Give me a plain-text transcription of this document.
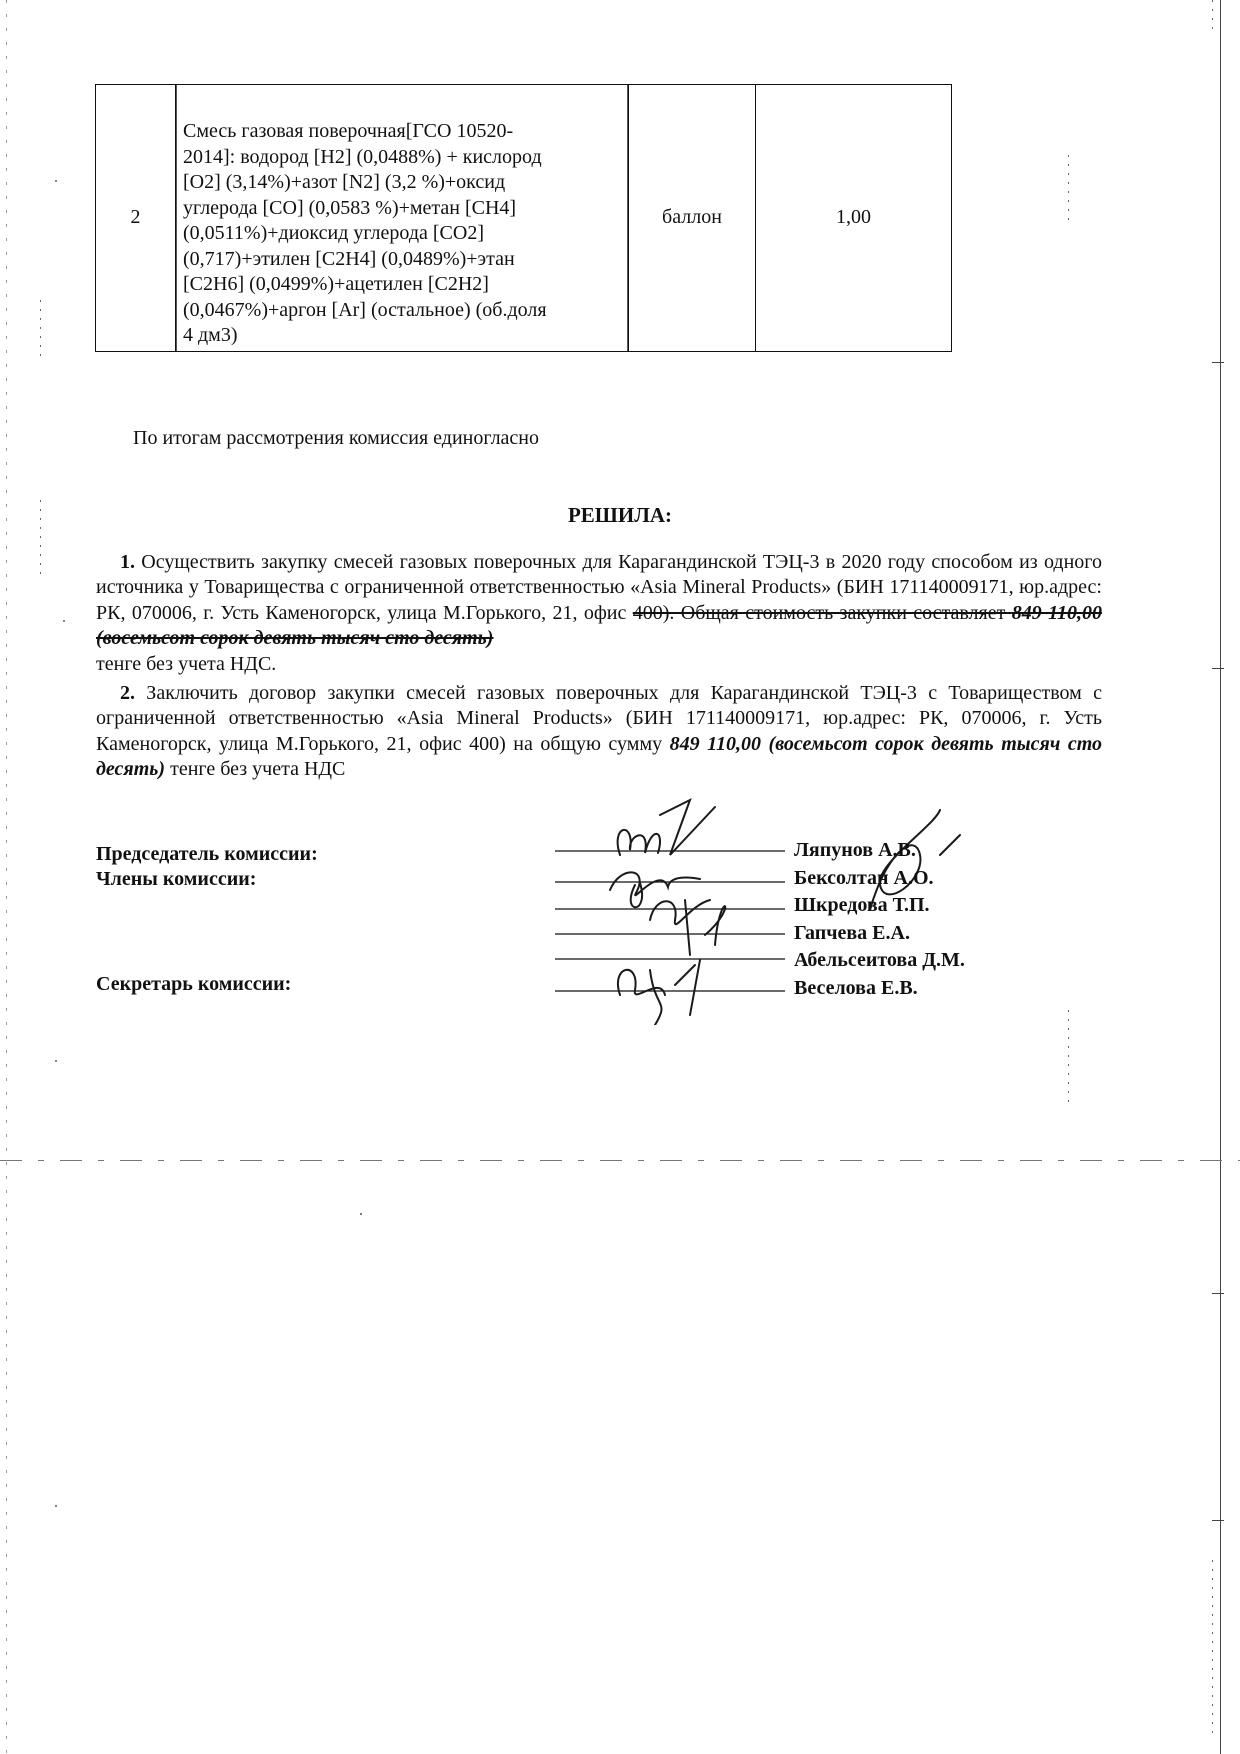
2	
Смесь газовая поверочная[ГСО 10520-
2014]: водород [H2] (0,0488%) + кислород
[O2] (3,14%)+азот [N2] (3,2 %)+оксид
углерода [CO] (0,0583 %)+метан [CH4]
(0,0511%)+диоксид углерода [CO2]
(0,717)+этилен [C2H4] (0,0489%)+этан
[C2H6] (0,0499%)+ацетилен [C2H2]
(0,0467%)+аргон [Ar] (остальное) (об.доля
4 дм3)
	баллон	1,00
По итогам рассмотрения комиссия единогласно
РЕШИЛА:
1. Осуществить закупку смесей газовых поверочных для Карагандинской ТЭЦ-3 в 2020 году способом из одного источника у Товарищества с ограниченной ответственностью «Asia Mineral Products» (БИН 171140009171, юр.адрес: РК, 070006, г. Усть Каменогорск, улица М.Горького, 21, офис 400). Общая стоимость закупки составляет 849 110,00 (восемьсот сорок девять тысяч сто десять)
тенге без учета НДС.
2. Заключить договор закупки смесей газовых поверочных для Карагандинской ТЭЦ-3 с Товариществом с ограниченной ответственностью «Asia Mineral Products» (БИН 171140009171, юр.адрес: РК, 070006, г. Усть Каменогорск, улица М.Горького, 21, офис 400) на общую сумму 849 110,00 (восемьсот сорок девять тысяч сто десять) тенге без учета НДС
Председатель комиссии:
Члены комиссии:
Секретарь комиссии:
Ляпунов А.В.
Бексолтан А.О.
Шкредова Т.П.
Гапчева Е.А.
Абельсеитова Д.М.
Веселова Е.В.
